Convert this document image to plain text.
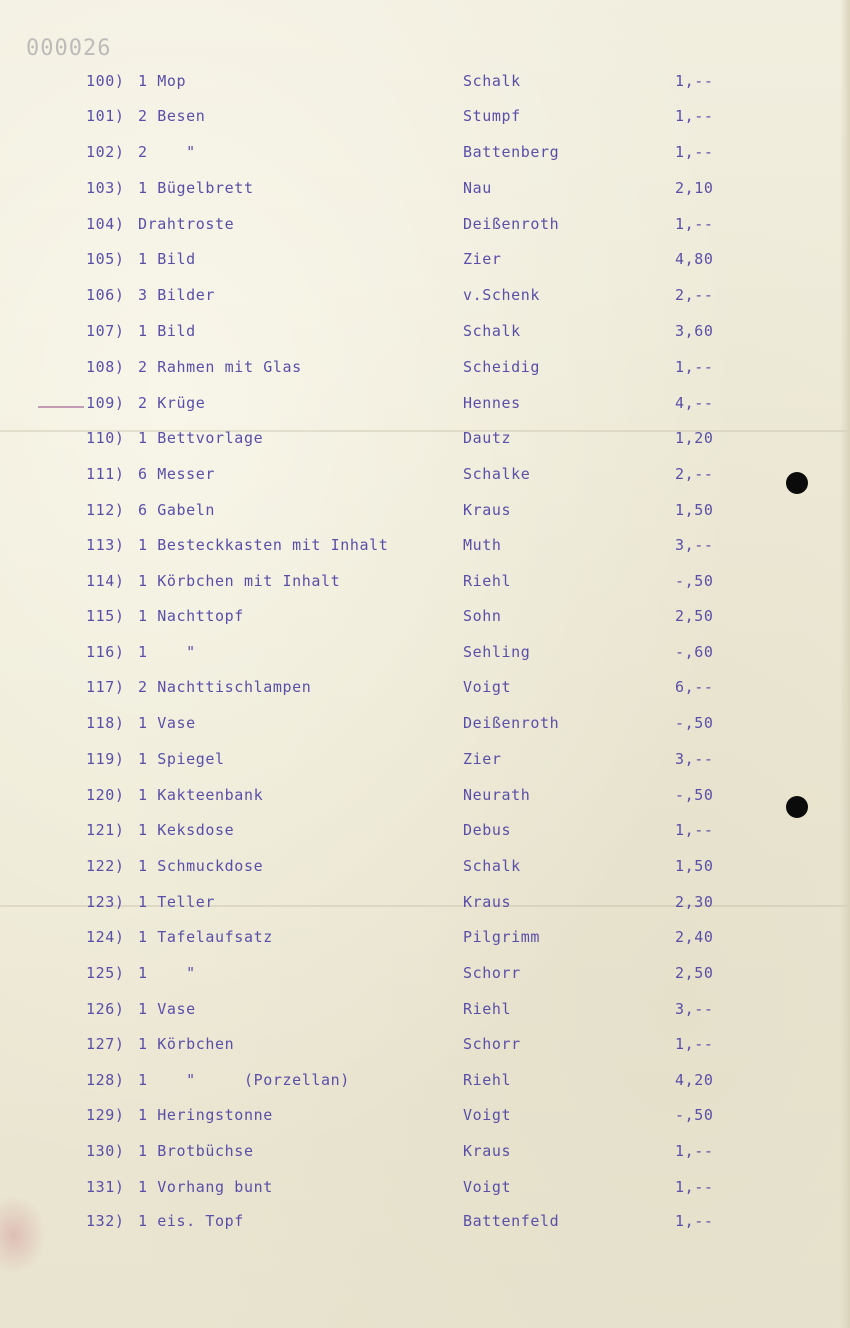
000026
100) 1 Mop	Schalk	1,--
101) 2 Besen	Stumpf	1,--
102) 2    "	Battenberg	1,--
103) 1 Bügelbrett	Nau	2,10
104) Drahtroste	Deißenroth	1,--
105) 1 Bild	Zier	4,80
106) 3 Bilder	v.Schenk	2,--
107) 1 Bild	Schalk	3,60
108) 2 Rahmen mit Glas	Scheidig	1,--
109) 2 Krüge	Hennes	4,--
110) 1 Bettvorlage	Dautz	1,20
111) 6 Messer	Schalke	2,--
112) 6 Gabeln	Kraus	1,50
113) 1 Besteckkasten mit Inhalt	Muth	3,--
114) 1 Körbchen mit Inhalt	Riehl	-,50
115) 1 Nachttopf	Sohn	2,50
116) 1    "	Sehling	-,60
117) 2 Nachttischlampen	Voigt	6,--
118) 1 Vase	Deißenroth	-,50
119) 1 Spiegel	Zier	3,--
120) 1 Kakteenbank	Neurath	-,50
121) 1 Keksdose	Debus	1,--
122) 1 Schmuckdose	Schalk	1,50
123) 1 Teller	Kraus	2,30
124) 1 Tafelaufsatz	Pilgrimm	2,40
125) 1    "	Schorr	2,50
126) 1 Vase	Riehl	3,--
127) 1 Körbchen	Schorr	1,--
128) 1    "     (Porzellan)	Riehl	4,20
129) 1 Heringstonne	Voigt	-,50
130) 1 Brotbüchse	Kraus	1,--
131) 1 Vorhang bunt	Voigt	1,--
132) 1 eis. Topf	Battenfeld	1,--
